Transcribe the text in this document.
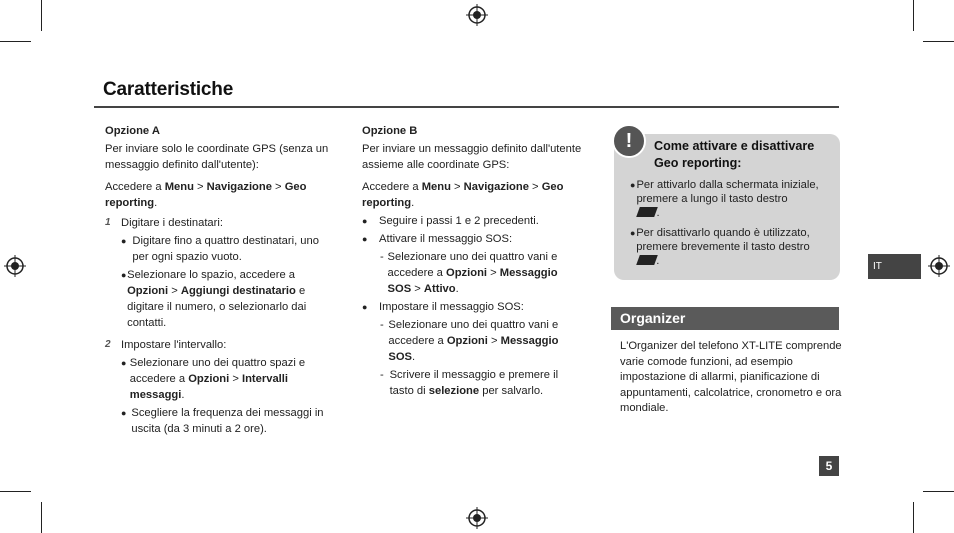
Caratteristiche

Opzione A

Per inviare solo le coordinate GPS (senza un messaggio definito dall'utente):

Accedere a Menu > Navigazione > Geo reporting.

1 Digitare i destinatari:
● Digitare fino a quattro destinatari, uno per ogni spazio vuoto.
● Selezionare lo spazio, accedere a Opzioni > Aggiungi destinatario e digitare il numero, o selezionarlo dai contatti.
2 Impostare l'intervallo:
● Selezionare uno dei quattro spazi e accedere a Opzioni > Intervalli messaggi.
● Scegliere la frequenza dei messaggi in uscita (da 3 minuti a 2 ore).

Opzione B

Per inviare un messaggio definito dall'utente assieme alle coordinate GPS:

Accedere a Menu > Navigazione > Geo reporting.

●	Seguire i passi 1 e 2 precedenti.
●	Attivare il messaggio SOS:
- Selezionare uno dei quattro vani e accedere a Opzioni > Messaggio SOS > Attivo.
●	Impostare il messaggio SOS:
- Selezionare uno dei quattro vani e accedere a Opzioni > Messaggio SOS.
- Scrivere il messaggio e premere il tasto di selezione per salvarlo.
!	Come attivare e disattivare Geo reporting:
● Per attivarlo dalla schermata iniziale, premere a lungo il tasto destro
.
● Per disattivarlo quando è utilizzato, premere brevemente il tasto destro
.
Organizer
L'Organizer del telefono XT-LITE comprende varie comode funzioni, ad esempio impostazione di allarmi, pianificazione di appuntamenti, calcolatrice, cronometro e ora mondiale.
IT
5
